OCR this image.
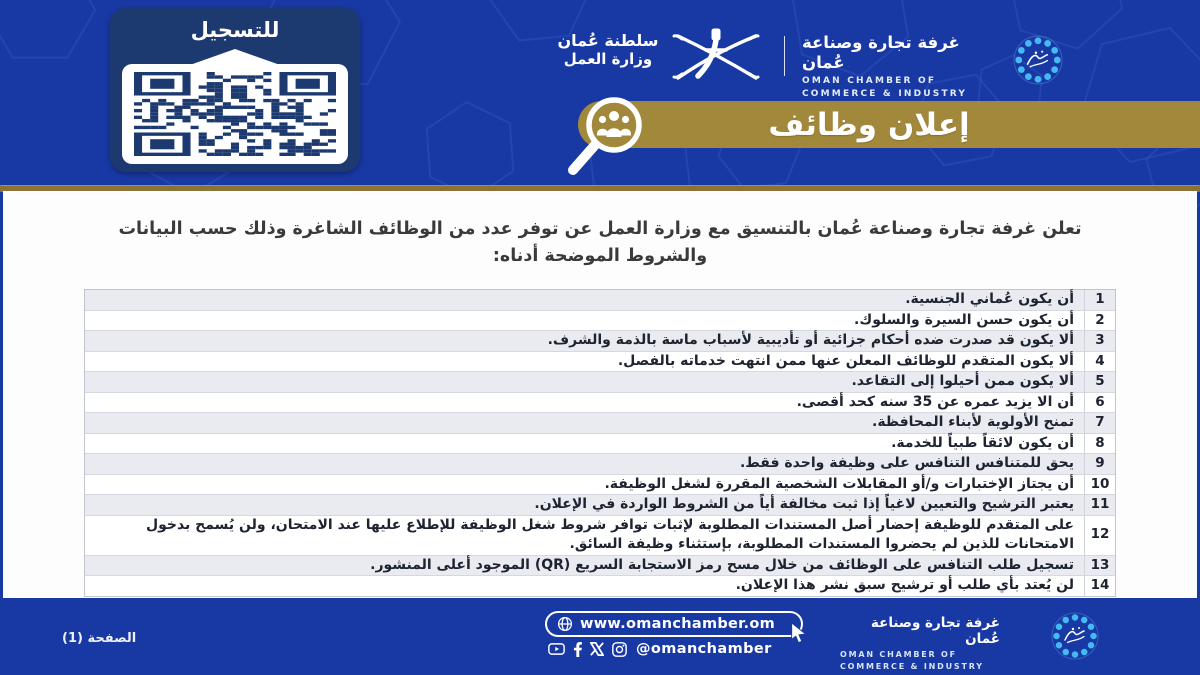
للتسجيل	سلطنة عُمان
وزارة العمل
غرفة تجارة وصناعة عُمان
OMAN CHAMBER OF
COMMERCE & INDUSTRY
إعلان وظائف

تعلن غرفة تجارة وصناعة عُمان بالتنسيق مع وزارة العمل عن توفر عدد من الوظائف الشاغرة وذلك حسب البيانات والشروط الموضحة أدناه:

1
أن يكون عُماني الجنسية.
2
أن يكون حسن السيرة والسلوك.
3
ألا يكون قد صدرت ضده أحكام جزائية أو تأديبية لأسباب ماسة بالذمة والشرف.
4
ألا يكون المتقدم للوظائف المعلن عنها ممن انتهت خدماته بالفصل.
5
ألا يكون ممن أحيلوا إلى التقاعد.
6
أن الا يزيد عمره عن 35 سنه كحد أقصى.
7
تمنح الأولوية لأبناء المحافظة.
8
أن يكون لائقاً طبياً للخدمة.
9
يحق للمتنافس التنافس على وظيفة واحدة فقط.
10
أن يجتاز الإختبارات و/أو المقابلات الشخصية المقررة لشغل الوظيفة.
11
يعتبر الترشيح والتعيين لاغياً إذا ثبت مخالفة أياً من الشروط الواردة في الإعلان.
12
على المتقدم للوظيفة إحضار أصل المستندات المطلوبة لإثبات توافر شروط شغل الوظيفة للإطلاع عليها عند الامتحان، ولن يُسمح بدخول الامتحانات للذين لم يحضروا المستندات المطلوبة، بإستثناء وظيفة السائق.
13
تسجيل طلب التنافس على الوظائف من خلال مسح رمز الاستجابة السريع (QR) الموجود أعلى المنشور.
14
لن يُعتد بأي طلب أو ترشيح سبق نشر هذا الإعلان.
الصفحة (1)
www.omanchamber.om
@omanchamber
غرفة تجارة وصناعة عُمان
OMAN CHAMBER OF
COMMERCE & INDUSTRY
